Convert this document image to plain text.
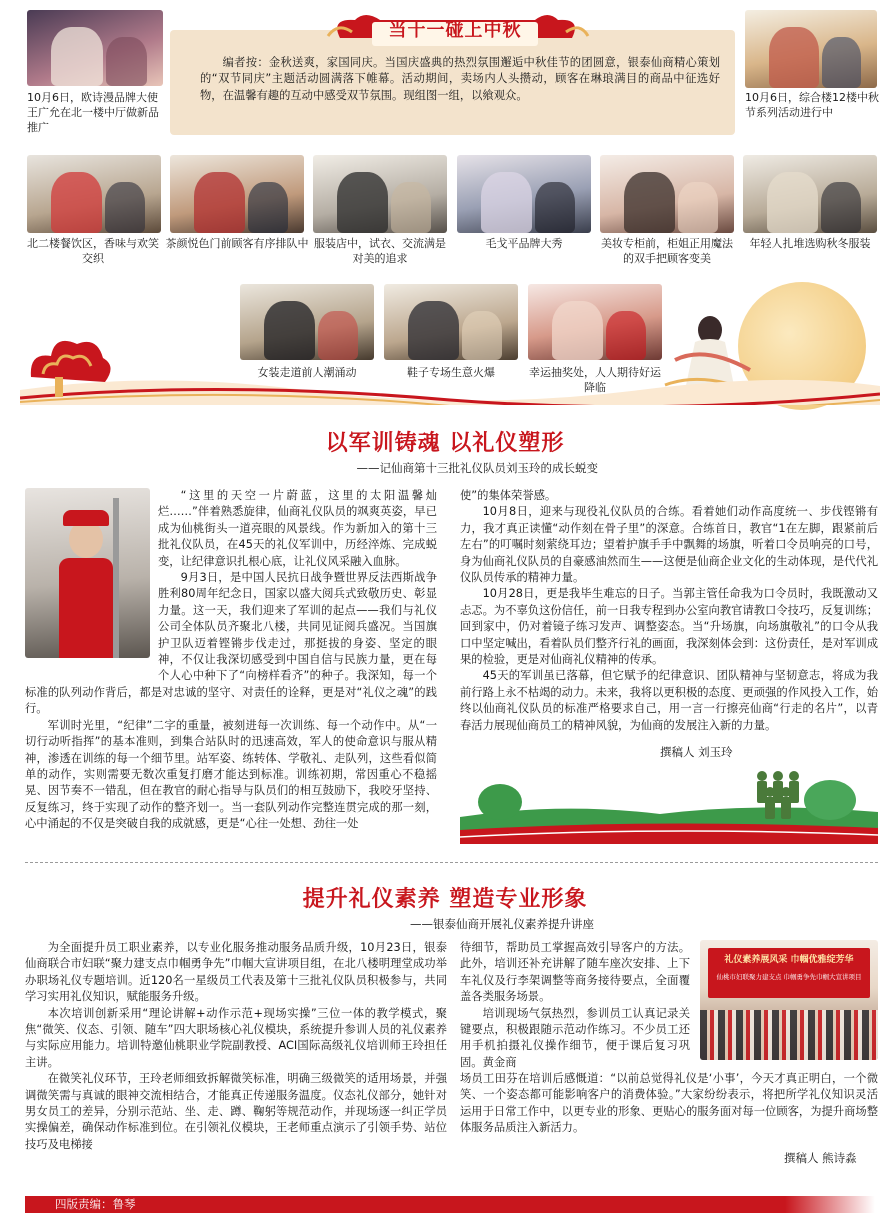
10月6日，欧诗漫品牌大使王广允在北一楼中厅做新品推广
当十一碰上中秋
编者按：金秋送爽，家国同庆。当国庆盛典的热烈氛围邂逅中秋佳节的团圆意，银泰仙商精心策划的“双节同庆”主题活动圆满落下帷幕。活动期间，卖场内人头攒动，顾客在琳琅满目的商品中征选好物，在温馨有趣的互动中感受双节氛围。现组图一组，以飨观众。	10月6日，综合楼12楼中秋节系列活动进行中
北二楼餐饮区，香味与欢笑交织
茶颜悦色门前顾客有序排队中 服装店中，试衣、交流满是对美的追求
毛戈平品牌大秀	美妆专柜前，柜姐正用魔法的双手把顾客变美
年轻人扎堆选购秋冬服装
女装走道前人潮涌动	鞋子专场生意火爆	幸运抽奖处，人人期待好运降临
以军训铸魂 以礼仪塑形
——记仙商第十三批礼仪队员刘玉玲的成长蜕变

“这里的天空一片蔚蓝，这里的太阳温馨灿烂……”伴着熟悉旋律，仙商礼仪队员的飒爽英姿，早已成为仙桃街头一道亮眼的风景线。作为新加入的第十三批礼仪队员，在45天的礼仪军训中，历经淬炼、完成蜕变，让纪律意识扎根心底，让礼仪风采融入血脉。

9月3日，是中国人民抗日战争暨世界反法西斯战争胜利80周年纪念日，国家以盛大阅兵式致敬历史、彰显力量。这一天，我们迎来了军训的起点——我们与礼仪公司全体队员齐聚北八楼，共同见证阅兵盛况。当国旗护卫队迈着铿锵步伐走过，那挺拔的身姿、坚定的眼神，不仅让我深切感受到中国自信与民族力量，更在每个人心中种下了“向榜样看齐”的种子。我深知，每一个标准的队列动作背后，都是对忠诚的坚守、对责任的诠释，更是对“礼仪之魂”的践行。

军训时光里，“纪律”二字的重量，被刻进每一次训练、每一个动作中。从“一切行动听指挥”的基本准则，到集合站队时的迅速高效，军人的使命意识与服从精神，渗透在训练的每一个细节里。站军姿、练转体、学敬礼、走队列，这些看似简单的动作，实则需要无数次重复打磨才能达到标准。训练初期，常因重心不稳摇晃、因节奏不一错乱，但在教官的耐心指导与队员们的相互鼓励下，我咬牙坚持、反复练习，终于实现了动作的整齐划一。当一套队列动作完整连贯完成的那一刻，心中涌起的不仅是突破自我的成就感，更是“心往一处想、劲往一处

使”的集体荣誉感。

10月8日，迎来与现役礼仪队员的合练。看着她们动作高度统一、步伐铿锵有力，我才真正读懂“动作刻在骨子里”的深意。合练首日，教官“1在左脚，跟紧前后左右”的叮嘱时刻萦绕耳边；望着护旗手手中飘舞的场旗，听着口令员响亮的口号，身为仙商礼仪队员的自豪感油然而生——这便是仙商企业文化的生动体现，是代代礼仪队员传承的精神力量。

10月28日，更是我毕生难忘的日子。当郭主管任命我为口令员时，我既激动又忐忑。为不辜负这份信任，前一日我专程到办公室向教官请教口令技巧，反复训练；回到家中，仍对着镜子练习发声、调整姿态。当“升场旗，向场旗敬礼”的口令从我口中坚定喊出，看着队员们整齐行礼的画面，我深刻体会到：这份责任，是对军训成果的检验，更是对仙商礼仪精神的传承。

45天的军训虽已落幕，但它赋予的纪律意识、团队精神与坚韧意志，将成为我前行路上永不枯竭的动力。未来，我将以更积极的态度、更顽强的作风投入工作，始终以仙商礼仪队员的标准严格要求自己，用一言一行擦亮仙商“行走的名片”，以青春活力展现仙商员工的精神风貌，为仙商的发展注入新的力量。

撰稿人 刘玉玲
提升礼仪素养 塑造专业形象
——银泰仙商开展礼仪素养提升讲座

为全面提升员工职业素养，以专业化服务推动服务品质升级，10月23日，银泰仙商联合市妇联“聚力建支点巾帼勇争先”巾帼大宣讲项目组，在北八楼明理堂成功举办职场礼仪专题培训。近120名一星级员工代表及第十三批礼仪队员积极参与，共同学习实用礼仪知识，赋能服务升级。

本次培训创新采用“理论讲解+动作示范+现场实操”三位一体的教学模式，聚焦“微笑、仪态、引领、随车”四大职场核心礼仪模块，系统提升参训人员的礼仪素养与实际应用能力。培训特邀仙桃职业学院副教授、ACI国际高级礼仪培训师王玲担任主讲。

在微笑礼仪环节，王玲老师细致拆解微笑标准，明确三级微笑的适用场景，并强调微笑需与真诚的眼神交流相结合，才能真正传递服务温度。仪态礼仪部分，她针对男女员工的差异，分别示范站、坐、走、蹲、鞠躬等规范动作，并现场逐一纠正学员实操偏差，确保动作标准到位。在引领礼仪模块，王老师重点演示了引领手势、站位技巧及电梯接

待细节，帮助员工掌握高效引导客户的方法。此外，培训还补充讲解了随车座次安排、上下车礼仪及行李架调整等商务接待要点，全面覆盖各类服务场景。

培训现场气氛热烈，参训员工认真记录关键要点，积极跟随示范动作练习。不少员工还用手机拍摄礼仪操作细节，便于课后复习巩固。黄金商

礼仪素养展风采 巾帼优雅绽芳华
仙桃市妇联聚力建支点 巾帼勇争先巾帼大宣讲项目
场员工田芬在培训后感慨道：“以前总觉得礼仪是‘小事’，今天才真正明白，一个微笑、一个姿态都可能影响客户的消费体验。”大家纷纷表示，将把所学礼仪知识灵活运用于日常工作中，以更专业的形象、更贴心的服务面对每一位顾客，为提升商场整体服务品质注入新活力。
撰稿人 熊诗淼
四版责编：鲁琴
